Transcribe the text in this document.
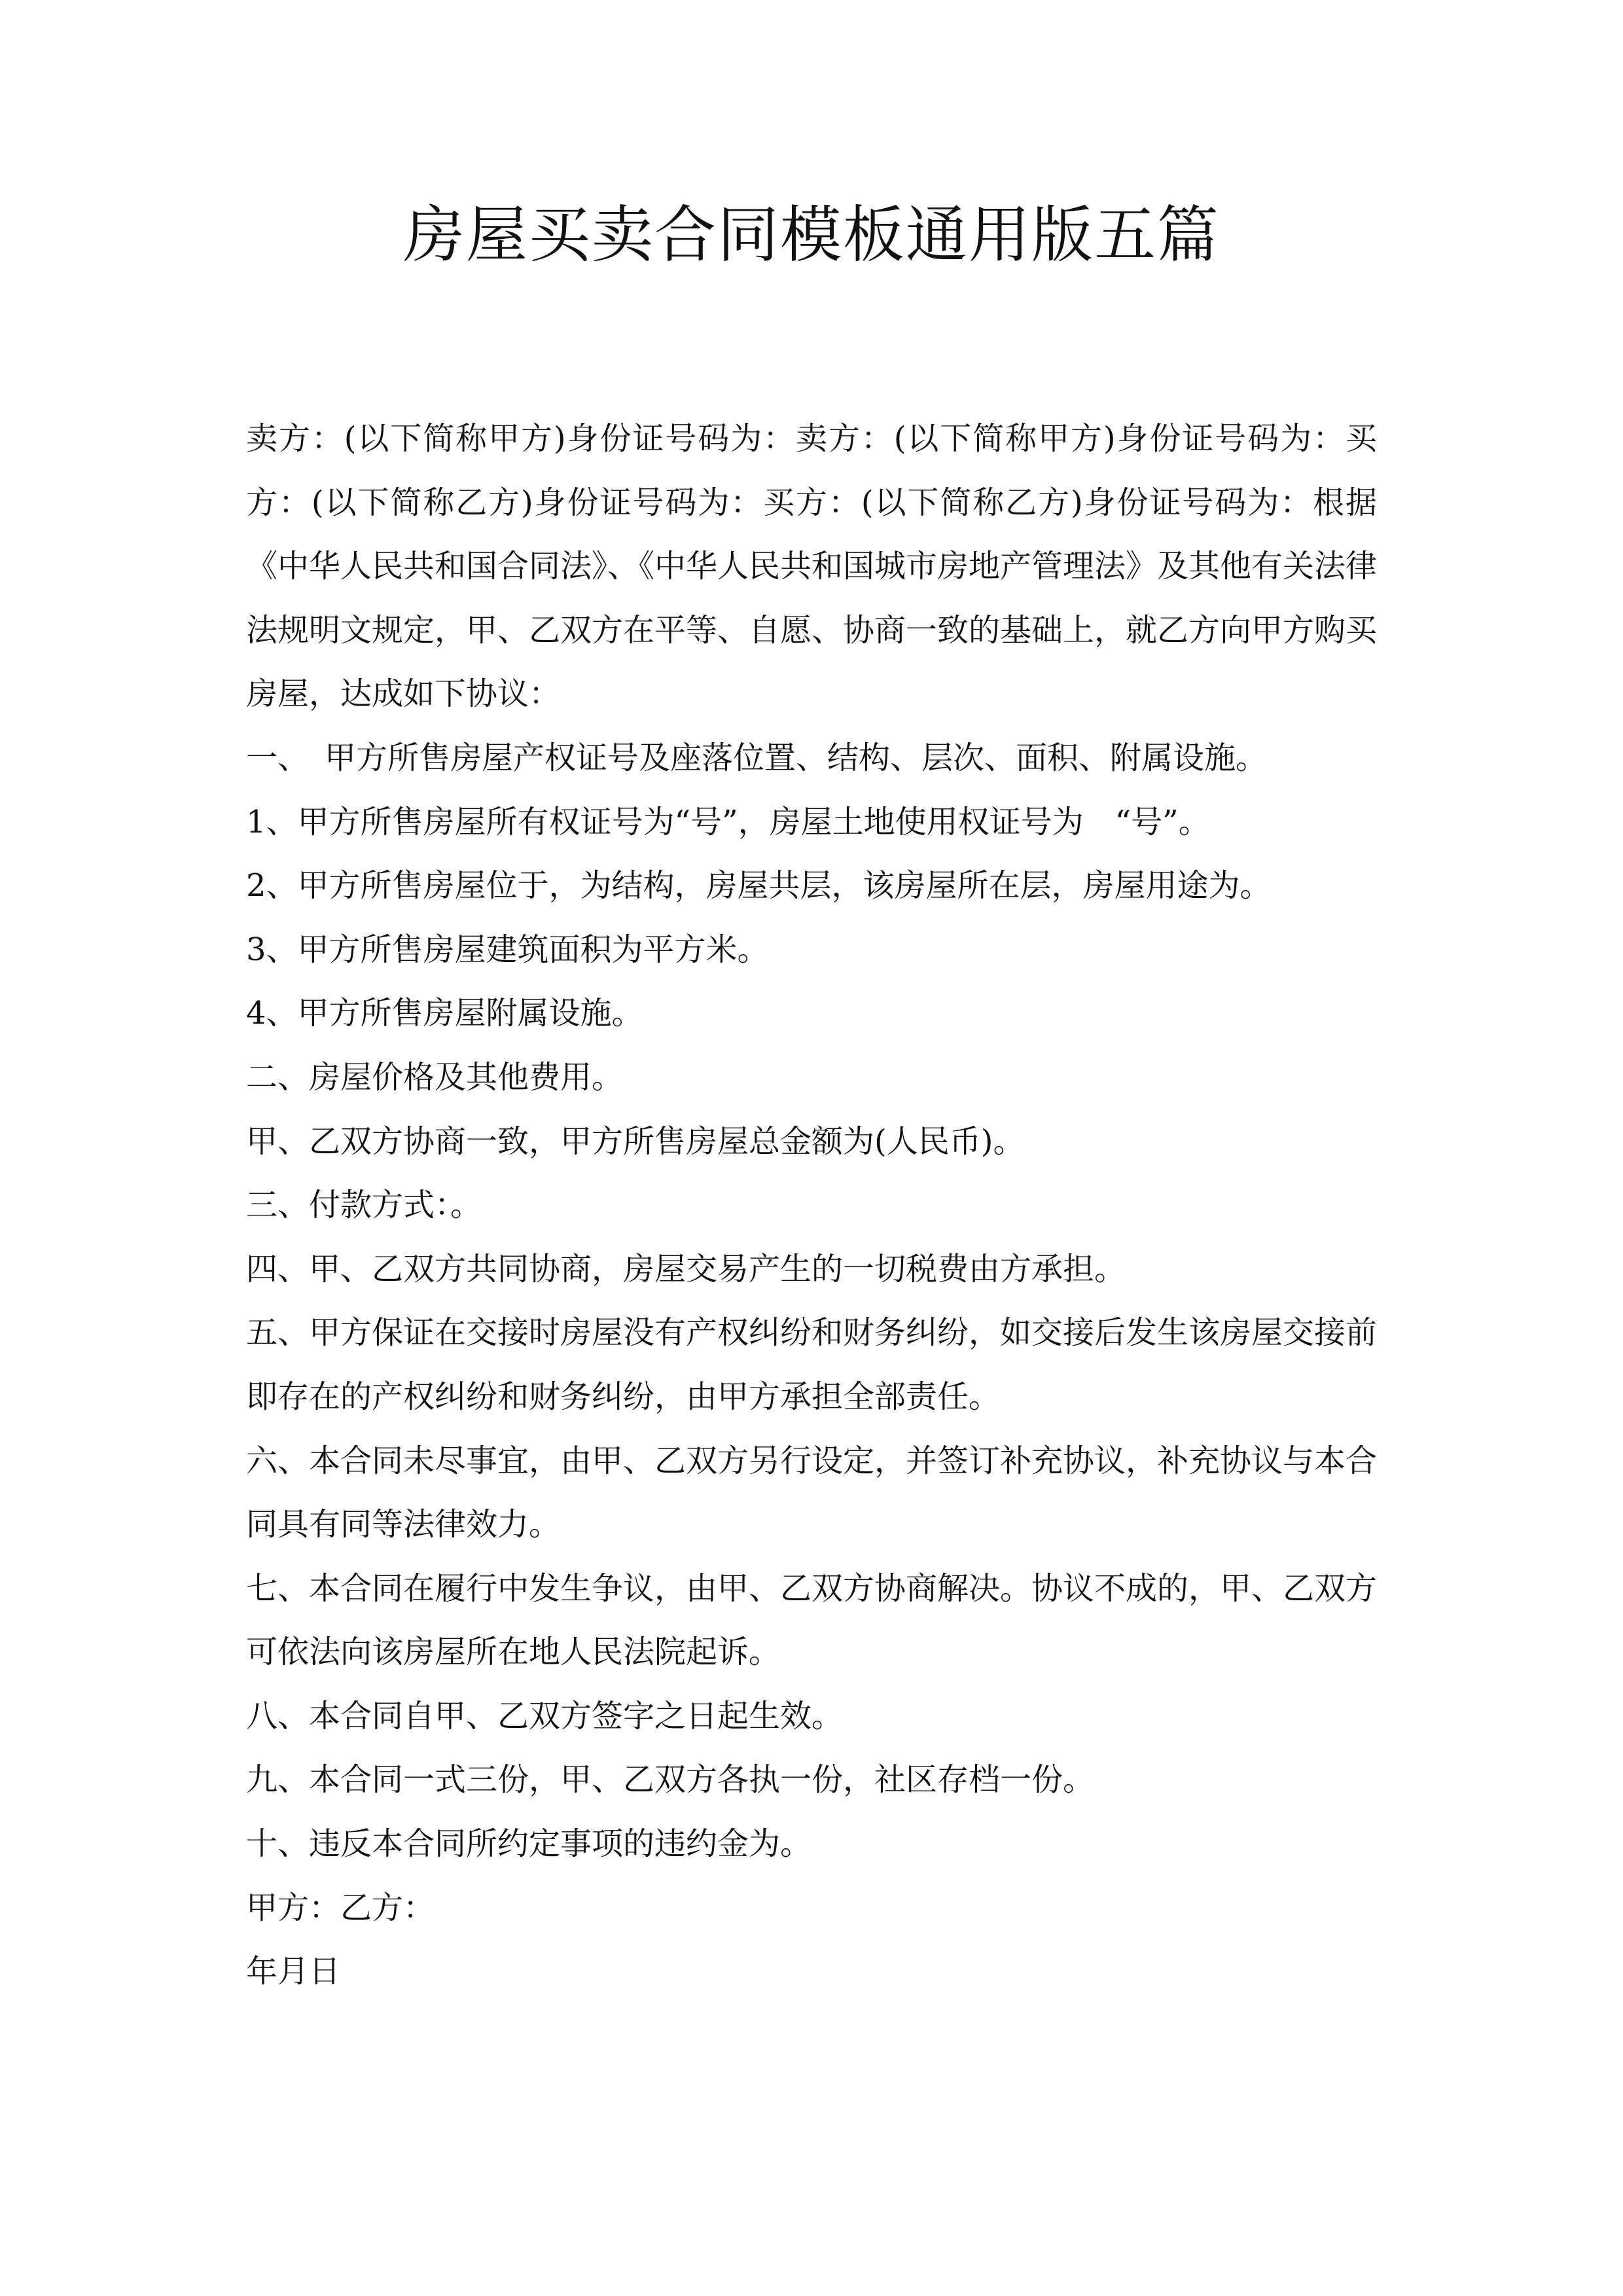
房屋买卖合同模板通用版五篇

卖方：(以下简称甲方)身份证号码为：卖方：(以下简称甲方)身份证号码为：买方：(以下简称乙方)身份证号码为：买方：(以下简称乙方)身份证号码为：根据《中华人民共和国合同法》、《中华人民共和国城市房地产管理法》及其他有关法律法规明文规定，甲、乙双方在平等、自愿、协商一致的基础上，就乙方向甲方购买房屋，达成如下协议：

一、　甲方所售房屋产权证号及座落位置、结构、层次、面积、附属设施。

1、甲方所售房屋所有权证号为“号”，房屋土地使用权证号为　“号”。

2、甲方所售房屋位于，为结构，房屋共层，该房屋所在层，房屋用途为。

3、甲方所售房屋建筑面积为平方米。

4、甲方所售房屋附属设施。

二、房屋价格及其他费用。

甲、乙双方协商一致，甲方所售房屋总金额为(人民币)。

三、付款方式：。

四、甲、乙双方共同协商，房屋交易产生的一切税费由方承担。

五、甲方保证在交接时房屋没有产权纠纷和财务纠纷，如交接后发生该房屋交接前即存在的产权纠纷和财务纠纷，由甲方承担全部责任。

六、本合同未尽事宜，由甲、乙双方另行设定，并签订补充协议，补充协议与本合同具有同等法律效力。

七、本合同在履行中发生争议，由甲、乙双方协商解决。协议不成的，甲、乙双方可依法向该房屋所在地人民法院起诉。

八、本合同自甲、乙双方签字之日起生效。

九、本合同一式三份，甲、乙双方各执一份，社区存档一份。

十、违反本合同所约定事项的违约金为。

甲方：乙方：

年月日
